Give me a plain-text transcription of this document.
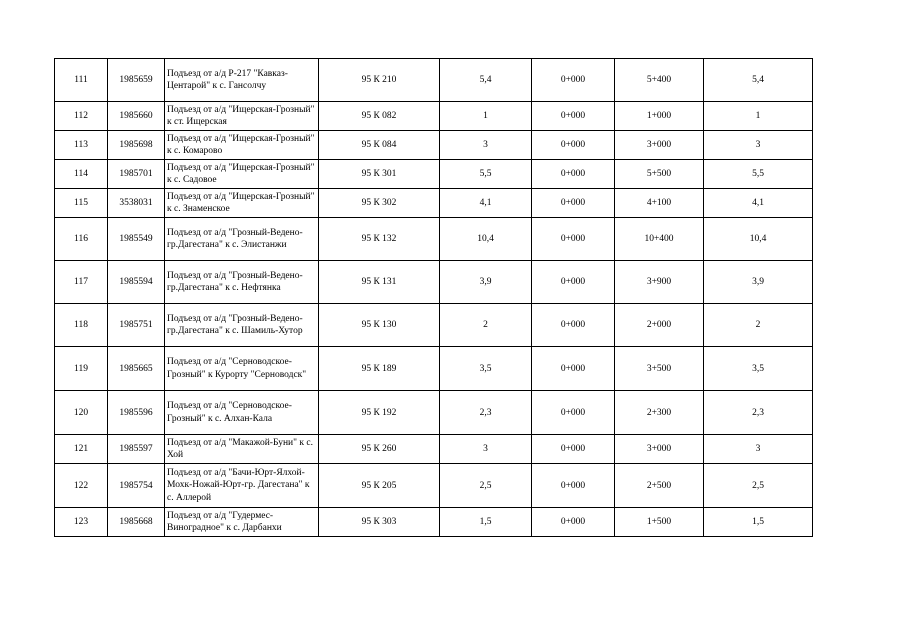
111	1985659	Подъезд от а/д Р-217 "Кавказ-Центарой" к с. Гансолчу	95 К 210	5,4	0+000	5+400	5,4
112	1985660	Подъезд от а/д "Ищерская-Грозный" к ст. Ищерская	95 К 082	1	0+000	1+000	1
113	1985698	Подъезд от а/д "Ищерская-Грозный" к с. Комарово	95 К 084	3	0+000	3+000	3
114	1985701	Подъезд от а/д "Ищерская-Грозный" к с. Садовое	95 К 301	5,5	0+000	5+500	5,5
115	3538031	Подъезд от а/д "Ищерская-Грозный" к с. Знаменское	95 К 302	4,1	0+000	4+100	4,1
116	1985549	Подъезд от а/д "Грозный-Ведено-гр.Дагестана" к с. Элистанжи	95 К 132	10,4	0+000	10+400	10,4
117	1985594	Подъезд от а/д "Грозный-Ведено-гр.Дагестана" к с. Нефтянка	95 К 131	3,9	0+000	3+900	3,9
118	1985751	Подъезд от а/д "Грозный-Ведено-гр.Дагестана" к с. Шамиль-Хутор	95 К 130	2	0+000	2+000	2
119	1985665	Подъезд от а/д "Серноводское-Грозный" к Курорту "Серноводск"	95 К 189	3,5	0+000	3+500	3,5
120	1985596	Подъезд от а/д "Серноводское-Грозный" к с. Алхан-Кала	95 К 192	2,3	0+000	2+300	2,3
121	1985597	Подъезд от а/д "Макажой-Буни" к с. Хой	95 К 260	3	0+000	3+000	3
122	1985754	Подъезд от а/д "Бачи-Юрт-Ялхой-Мохк-Ножай-Юрт-гр. Дагестана" к с. Аллерой	95 К 205	2,5	0+000	2+500	2,5
123	1985668	Подъезд от а/д "Гудермес-Виноградное" к с. Дарбанхи	95 К 303	1,5	0+000	1+500	1,5
